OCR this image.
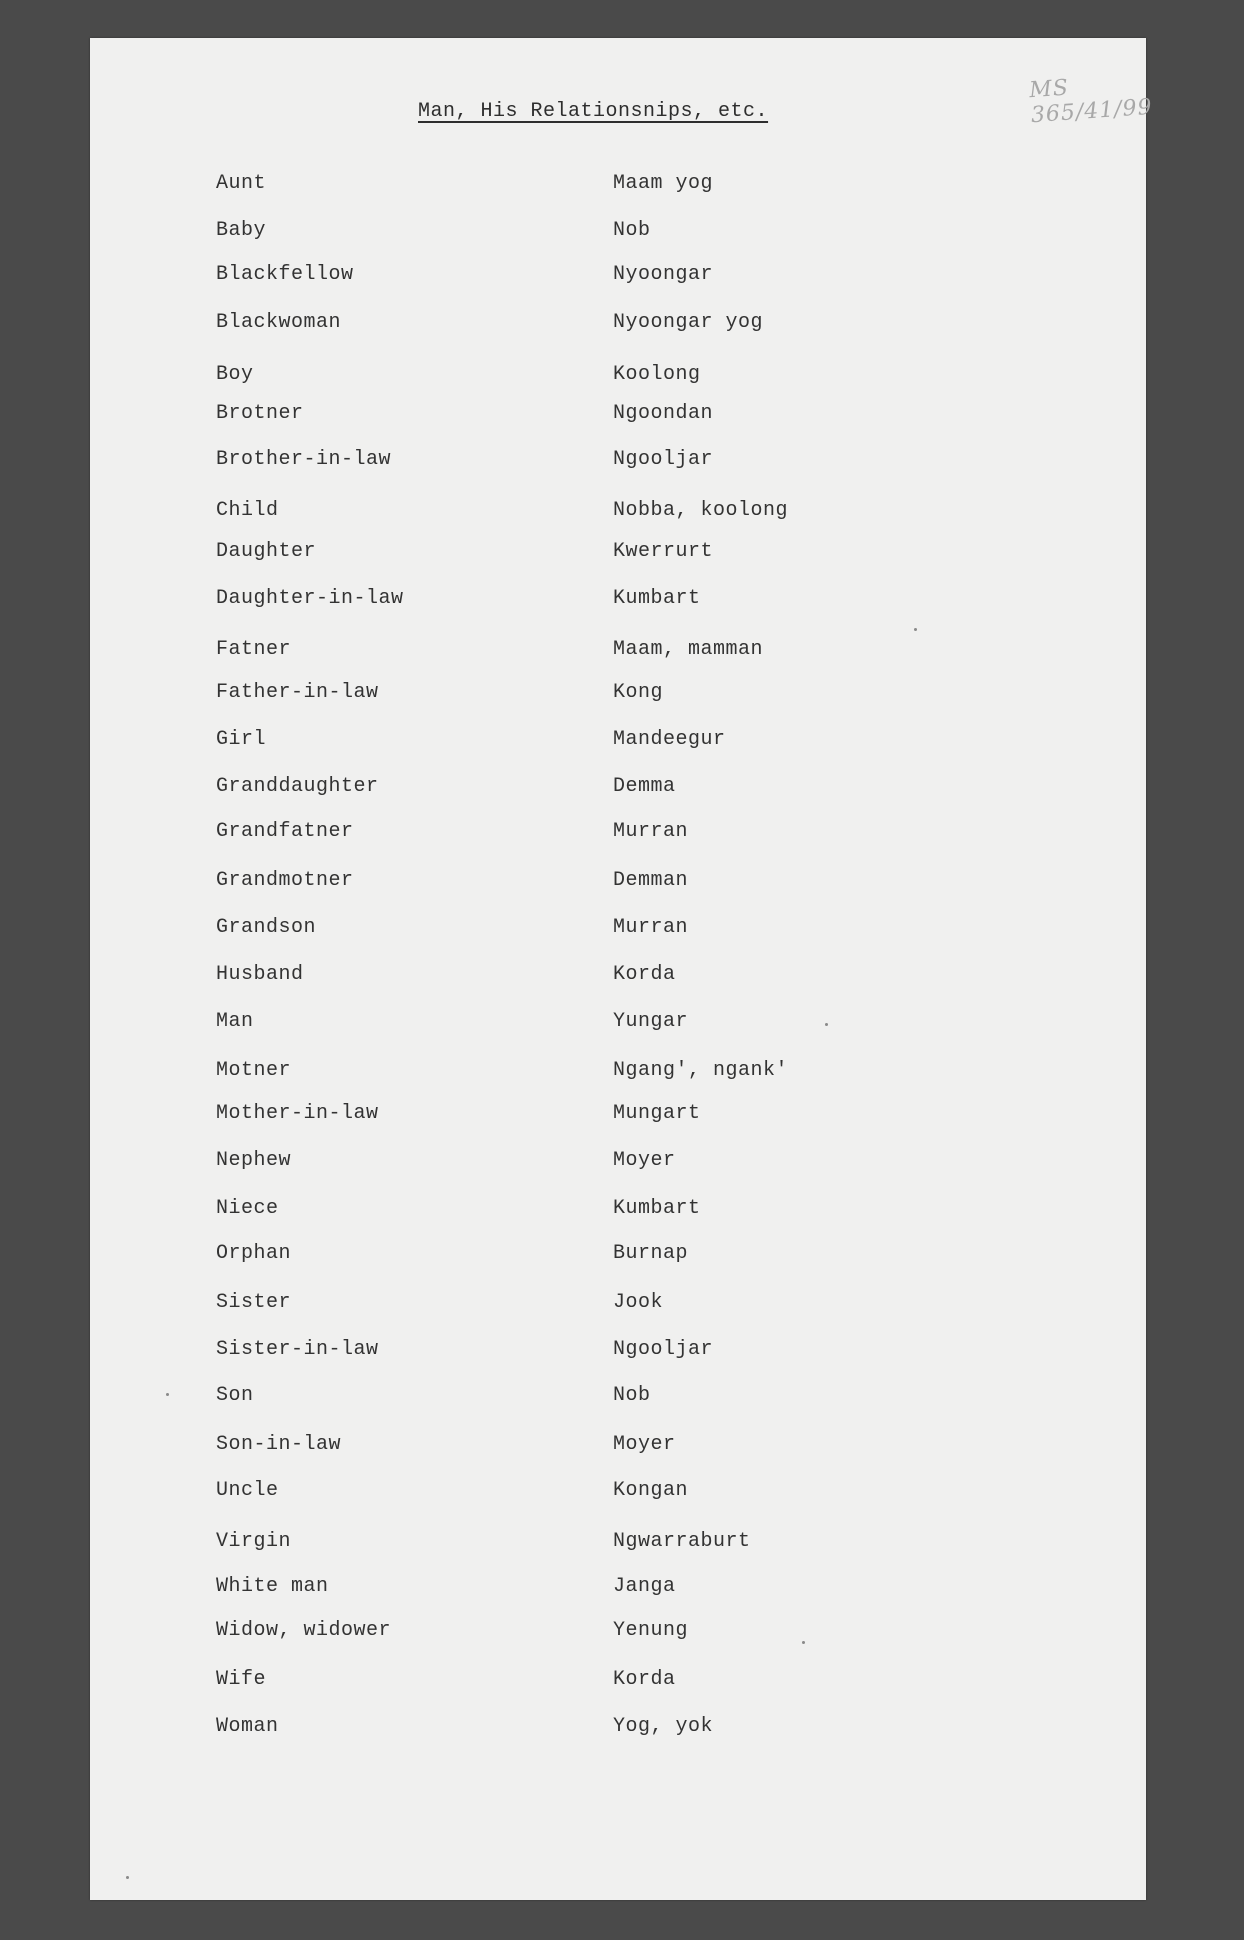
MS 365/41/99
Man, His Relationsnips, etc.
Aunt	Maam yog
Baby	Nob
Blackfellow	Nyoongar
Blackwoman	Nyoongar yog
Boy	Koolong
Brotner	Ngoondan
Brother-in-law	Ngooljar
Child	Nobba, koolong
Daughter	Kwerrurt
Daughter-in-law	Kumbart
Fatner	Maam, mamman
Father-in-law	Kong
Girl	Mandeegur
Granddaughter	Demma
Grandfatner	Murran
Grandmotner	Demman
Grandson	Murran
Husband	Korda
Man	Yungar
Motner	Ngang', ngank'
Mother-in-law	Mungart
Nephew	Moyer
Niece	Kumbart
Orphan	Burnap
Sister	Jook
Sister-in-law	Ngooljar
Son	Nob
Son-in-law	Moyer
Uncle	Kongan
Virgin	Ngwarraburt
White man	Janga
Widow, widower	Yenung
Wife	Korda
Woman	Yog, yok
